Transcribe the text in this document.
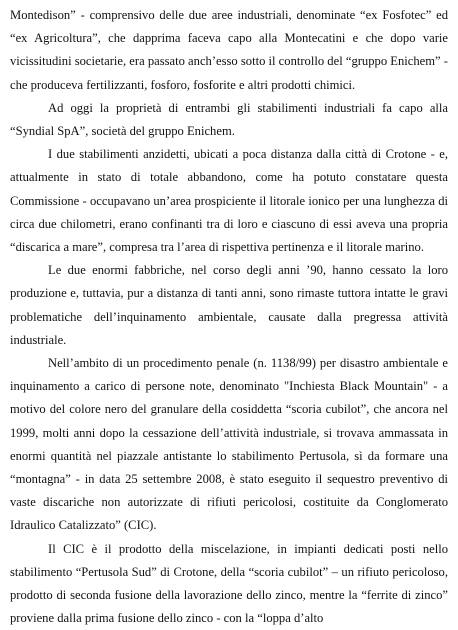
Montedison” - comprensivo delle due aree industriali, denominate “ex Fosfotec” ed “ex Agricoltura”, che dapprima faceva capo alla Montecatini e che dopo varie vicissitudini societarie, era passato anch’esso sotto il controllo del “gruppo Enichem” - che produceva fertilizzanti, fosforo, fosforite e altri prodotti chimici.

Ad oggi la proprietà di entrambi gli stabilimenti industriali fa capo alla “Syndial SpA”, società del gruppo Enichem.

I due stabilimenti anzidetti, ubicati a poca distanza dalla città di Crotone - e, attualmente in stato di totale abbandono, come ha potuto constatare questa Commissione - occupavano un’area prospiciente il litorale ionico per una lunghezza di circa due chilometri, erano confinanti tra di loro e ciascuno di essi aveva una propria “discarica a mare”, compresa tra l’area di rispettiva pertinenza e il litorale marino.

Le due enormi fabbriche, nel corso degli anni ’90, hanno cessato la loro produzione e, tuttavia, pur a distanza di tanti anni, sono rimaste tuttora intatte le gravi problematiche dell’inquinamento ambientale, causate dalla pregressa attività industriale.

Nell’ambito di un procedimento penale (n. 1138/99) per disastro ambientale e inquinamento a carico di persone note, denominato "Inchiesta Black Mountain" - a motivo del colore nero del granulare della cosiddetta “scoria cubilot”, che ancora nel 1999, molti anni dopo la cessazione dell’attività industriale, si trovava ammassata in enormi quantità nel piazzale antistante lo stabilimento Pertusola, sì da formare una “montagna” - in data 25 settembre 2008, è stato eseguito il sequestro preventivo di vaste discariche non autorizzate di rifiuti pericolosi, costituite da Conglomerato Idraulico Catalizzato” (CIC).

Il CIC è il prodotto della miscelazione, in impianti dedicati posti nello stabilimento “Pertusola Sud” di Crotone, della “scoria cubilot” – un rifiuto pericoloso, prodotto di seconda fusione della lavorazione dello zinco, mentre la “ferrite di zinco” proviene dalla prima fusione dello zinco - con la “loppa d’alto
